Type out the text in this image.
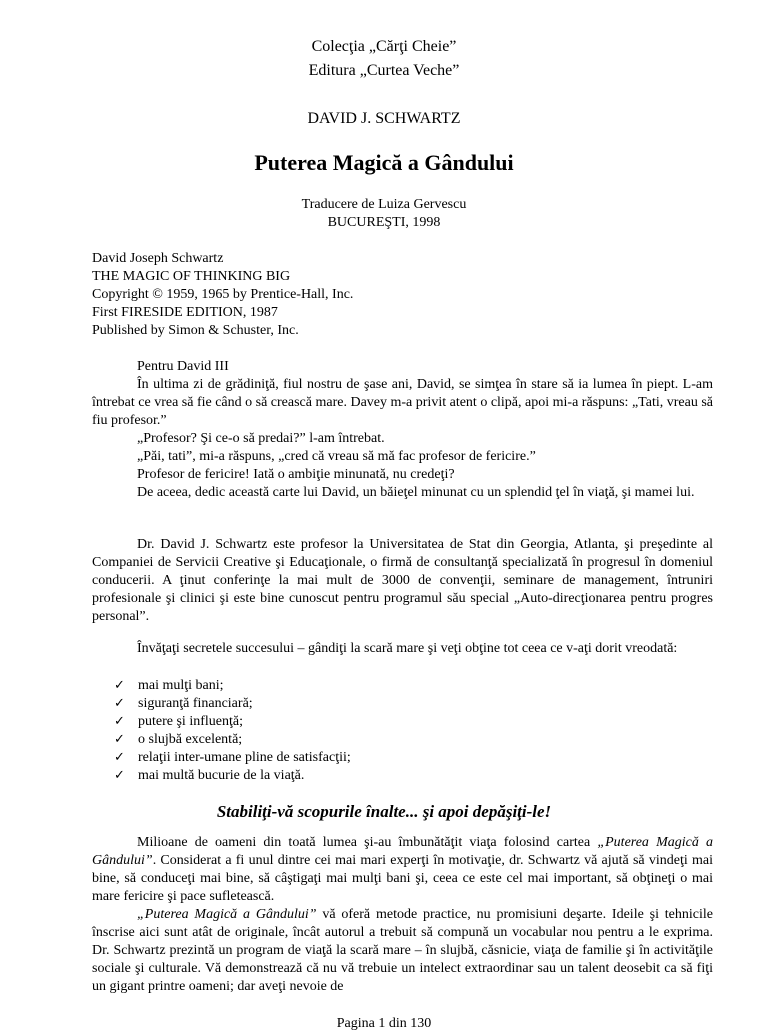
Colecţia „Cărţi Cheie”
Editura „Curtea Veche”
DAVID J. SCHWARTZ
Puterea Magică a Gândului
Traducere de Luiza Gervescu
BUCUREŞTI, 1998
David Joseph Schwartz
THE MAGIC OF THINKING BIG
Copyright © 1959, 1965 by Prentice-Hall, Inc.
First FIRESIDE EDITION, 1987
Published by Simon & Schuster, Inc.
Pentru David III
În ultima zi de grădiniţă, fiul nostru de şase ani, David, se simţea în stare să ia lumea în piept. L-am întrebat ce vrea să fie când o să crească mare. Davey m-a privit atent o clipă, apoi mi-a răspuns: „Tati, vreau să fiu profesor.”
„Profesor? Şi ce-o să predai?” l-am întrebat.
„Păi, tati”, mi-a răspuns, „cred că vreau să mă fac profesor de fericire.”
Profesor de fericire! Iată o ambiţie minunată, nu credeţi?
De aceea, dedic această carte lui David, un băieţel minunat cu un splendid ţel în viaţă, şi mamei lui.
Dr. David J. Schwartz este profesor la Universitatea de Stat din Georgia, Atlanta, şi preşedinte al Companiei de Servicii Creative şi Educaţionale, o firmă de consultanţă specializată în progresul în domeniul conducerii. A ţinut conferinţe la mai mult de 3000 de convenţii, seminare de management, întruniri profesionale şi clinici şi este bine cunoscut pentru programul său special „Auto-direcţionarea pentru progres personal”.
Învăţaţi secretele succesului – gândiţi la scară mare şi veţi obţine tot ceea ce v-aţi dorit vreodată:
✓ mai mulţi bani;
✓ siguranţă financiară;
✓ putere şi influenţă;
✓ o slujbă excelentă;
✓ relaţii inter-umane pline de satisfacţii;
✓ mai multă bucurie de la viaţă.
Stabiliţi-vă scopurile înalte... şi apoi depăşiţi-le!
Milioane de oameni din toată lumea şi-au îmbunătăţit viaţa folosind cartea „Puterea Magică a Gândului”. Considerat a fi unul dintre cei mai mari experţi în motivaţie, dr. Schwartz vă ajută să vindeţi mai bine, să conduceţi mai bine, să câştigaţi mai mulţi bani şi, ceea ce este cel mai important, să obţineţi o mai mare fericire şi pace sufletească.
„Puterea Magică a Gândului” vă oferă metode practice, nu promisiuni deşarte. Ideile şi tehnicile înscrise aici sunt atât de originale, încât autorul a trebuit să compună un vocabular nou pentru a le exprima. Dr. Schwartz prezintă un program de viaţă la scară mare – în slujbă, căsnicie, viaţa de familie şi în activităţile sociale şi culturale. Vă demonstrează că nu vă trebuie un intelect extraordinar sau un talent deosebit ca să fiţi un gigant printre oameni; dar aveţi nevoie de
Pagina 1 din 130
